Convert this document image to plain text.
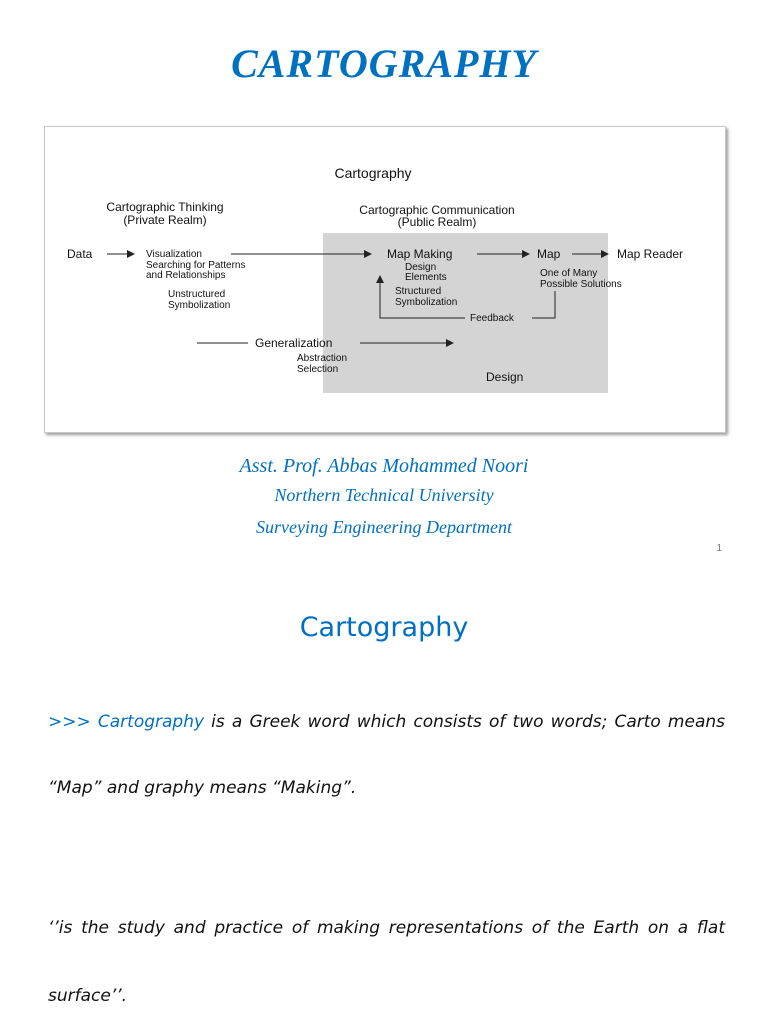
CARTOGRAPHY
Cartography
Cartographic Thinking
(Private Realm)
Cartographic Communication
(Public Realm)
Data	Visualization
Searching for Patterns
and Relationships
Unstructured
Symbolization
Map Making
Design
Elements
Structured
Symbolization
Map
One of Many
Possible Solutions
Map Reader
Feedback
Generalization
Abstraction
Selection
Design
Asst. Prof. Abbas Mohammed Noori
Northern Technical University
Surveying Engineering Department
1
Cartography
>>> Cartography is a Greek word which consists of two words; Carto means
“Map” and graphy means “Making”.
‘’is the study and practice of making representations of the Earth on a flat
surface’’.
